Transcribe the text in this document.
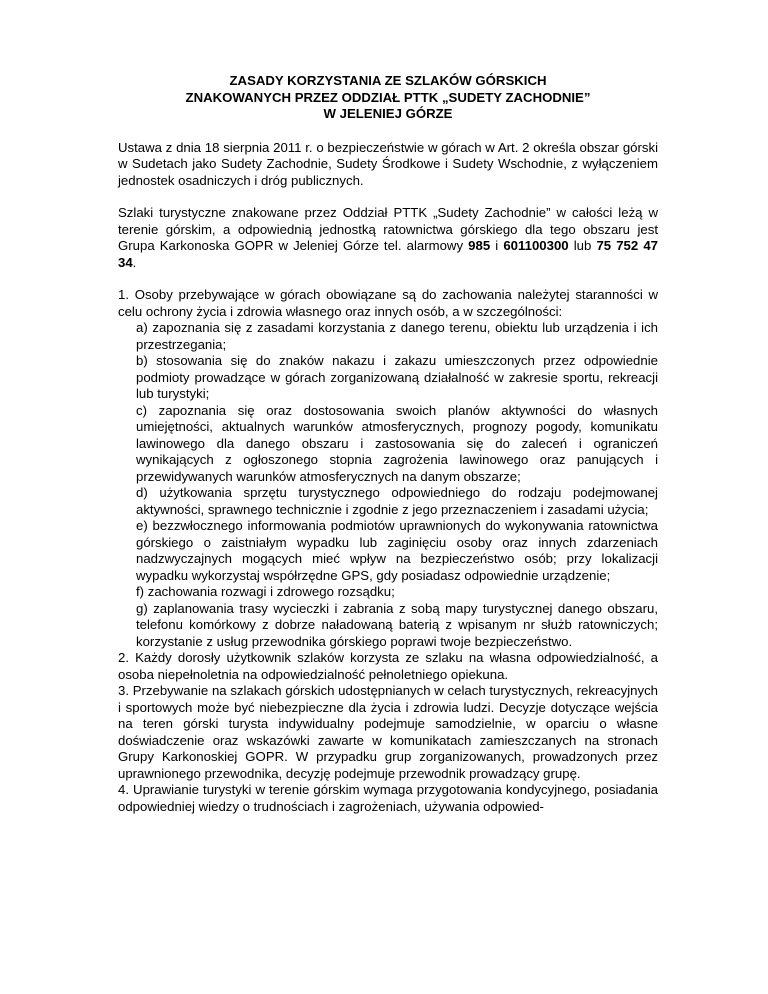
ZASADY KORZYSTANIA ZE SZLAKÓW GÓRSKICH
ZNAKOWANYCH PRZEZ ODDZIAŁ PTTK „SUDETY ZACHODNIE”
W JELENIEJ GÓRZE

Ustawa z dnia 18 sierpnia 2011 r. o bezpieczeństwie w górach w Art. 2 określa obszar górski w Sudetach jako Sudety Zachodnie, Sudety Środkowe i Sudety Wschodnie, z wyłączeniem jednostek osadniczych i dróg publicznych.

Szlaki turystyczne znakowane przez Oddział PTTK „Sudety Zachodnie” w całości leżą w terenie górskim, a odpowiednią jednostką ratownictwa górskiego dla tego obszaru jest Grupa Karkonoska GOPR w Jeleniej Górze tel. alarmowy 985 i 601100300 lub 75 752 47 34.

1. Osoby przebywające w górach obowiązane są do zachowania należytej staranności w celu ochrony życia i zdrowia własnego oraz innych osób, a w szczególności:
a) zapoznania się z zasadami korzystania z danego terenu, obiektu lub urządzenia i ich przestrzegania;
b) stosowania się do znaków nakazu i zakazu umieszczonych przez odpowiednie podmioty prowadzące w górach zorganizowaną działalność w zakresie sportu, rekreacji lub turystyki;
c) zapoznania się oraz dostosowania swoich planów aktywności do własnych umiejętności, aktualnych warunków atmosferycznych, prognozy pogody, komunikatu lawinowego dla danego obszaru i zastosowania się do zaleceń i ograniczeń wynikających z ogłoszonego stopnia zagrożenia lawinowego oraz panujących i przewidywanych warunków atmosferycznych na danym obszarze;
d) użytkowania sprzętu turystycznego odpowiedniego do rodzaju podejmowanej aktywności, sprawnego technicznie i zgodnie z jego przeznaczeniem i zasadami użycia;
e) bezzwłocznego informowania podmiotów uprawnionych do wykonywania ratownictwa górskiego o zaistniałym wypadku lub zaginięciu osoby oraz innych zdarzeniach nadzwyczajnych mogących mieć wpływ na bezpieczeństwo osób; przy lokalizacji wypadku wykorzystaj współrzędne GPS, gdy posiadasz odpowiednie urządzenie;
f) zachowania rozwagi i zdrowego rozsądku;
g) zaplanowania trasy wycieczki i zabrania z sobą mapy turystycznej danego obszaru, telefonu komórkowy z dobrze naładowaną baterią z wpisanym nr służb ratowniczych; korzystanie z usług przewodnika górskiego poprawi twoje bezpieczeństwo.
2. Każdy dorosły użytkownik szlaków korzysta ze szlaku na własna odpowiedzialność, a osoba niepełnoletnia na odpowiedzialność pełnoletniego opiekuna.
3. Przebywanie na szlakach górskich udostępnianych w celach turystycznych, rekreacyjnych i sportowych może być niebezpieczne dla życia i zdrowia ludzi. Decyzje dotyczące wejścia na teren górski turysta indywidualny podejmuje samodzielnie, w oparciu o własne doświadczenie oraz wskazówki zawarte w komunikatach zamieszczanych na stronach Grupy Karkonoskiej GOPR. W przypadku grup zorganizowanych, prowadzonych przez uprawnionego przewodnika, decyzję podejmuje przewodnik prowadzący grupę.
4. Uprawianie turystyki w terenie górskim wymaga przygotowania kondycyjnego, posiadania odpowiedniej wiedzy o trudnościach i zagrożeniach, używania odpowied-
